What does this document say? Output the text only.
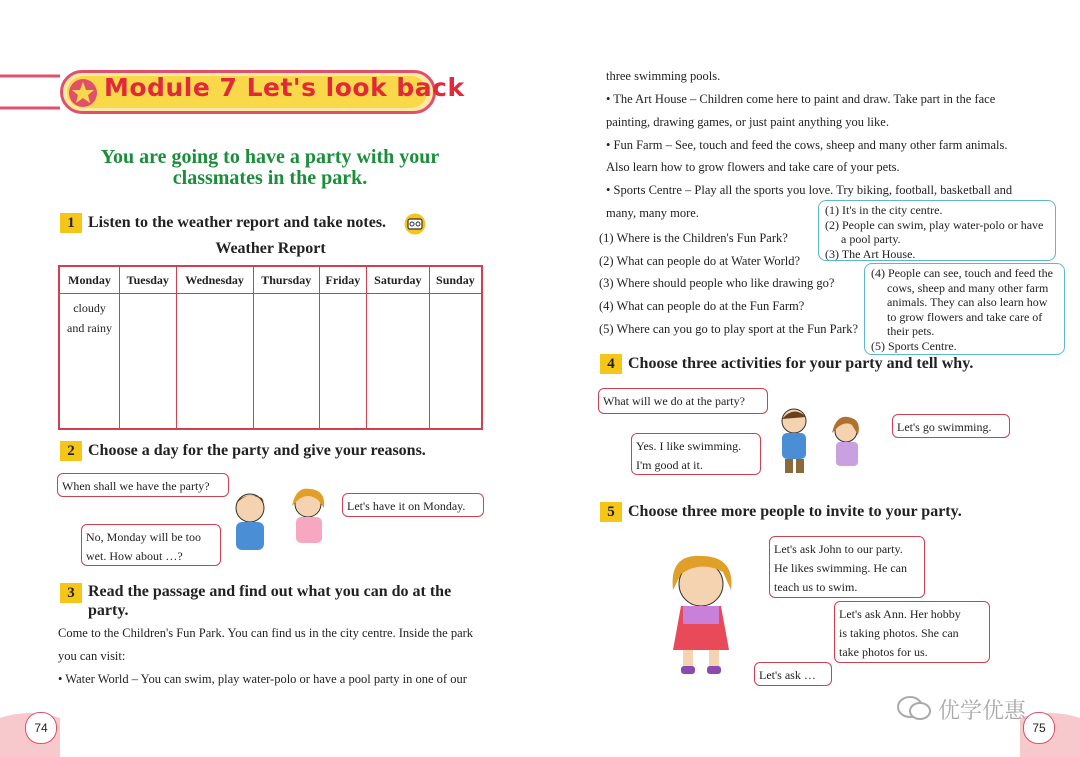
Module 7 Let's look back
You are going to have a party with your
classmates in the park.
1 Listen to the weather report and take notes.
Weather Report
Monday	Tuesday	Wednesday	Thursday	Friday	Saturday	Sunday

cloudy
and rainy						

2 Choose a day for the party and give your reasons.
When shall we have the party?
Let's have it on Monday.
No, Monday will be too
wet. How about …?
3 Read the passage and find out what you can do at the
party.
Come to the Children's Fun Park. You can find us in the city centre. Inside the park
you can visit:
• Water World – You can swim, play water-polo or have a pool party in one of our
74	75
three swimming pools.
• The Art House – Children come here to paint and draw. Take part in the face
painting, drawing games, or just paint anything you like.
• Fun Farm – See, touch and feed the cows, sheep and many other farm animals.
Also learn how to grow flowers and take care of your pets.
• Sports Centre – Play all the sports you love. Try biking, football, basketball and
many, many more.
(1) Where is the Children's Fun Park?
(2) What can people do at Water World?
(3) Where should people who like drawing go?
(4) What can people do at the Fun Farm?
(5) Where can you go to play sport at the Fun Park?
(1) It's in the city centre.
(2) People can swim, play water-polo or have
a pool party.
(3) The Art House.
(4) People can see, touch and feed the
cows, sheep and many other farm
animals. They can also learn how
to grow flowers and take care of
their pets.
(5) Sports Centre.
4 Choose three activities for your party and tell why.
What will we do at the party?
Yes. I like swimming.
I'm good at it.
Let's go swimming.
5 Choose three more people to invite to your party.
Let's ask John to our party.
He likes swimming. He can
teach us to swim.
Let's ask Ann. Her hobby
is taking photos. She can
take photos for us.
Let's ask …
优学优惠
